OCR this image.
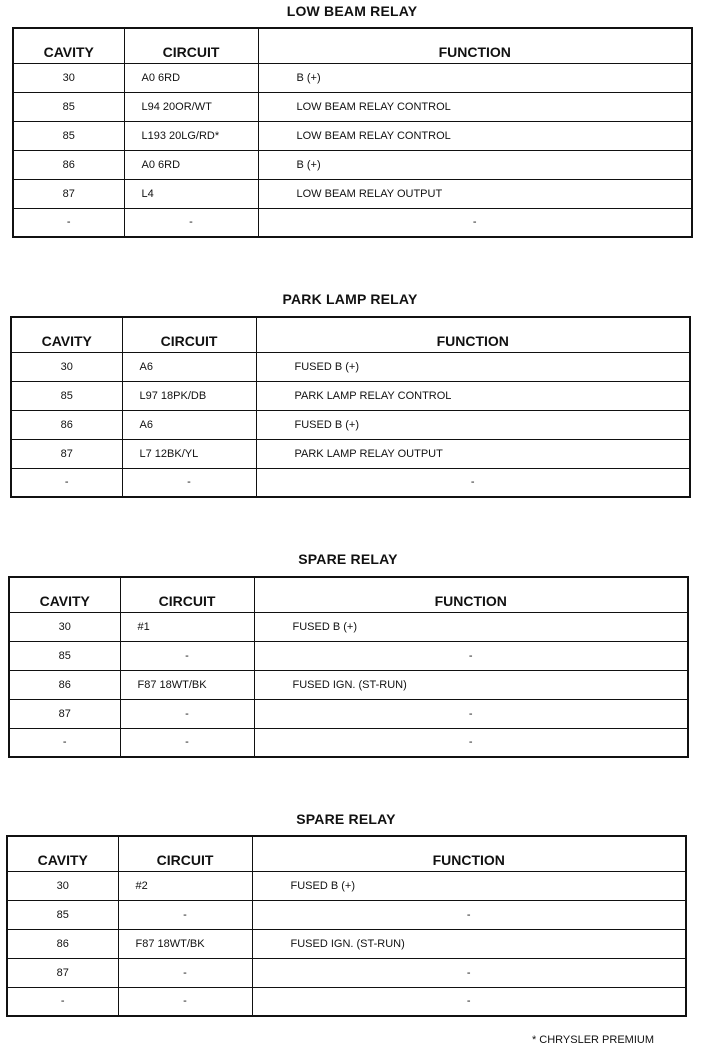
LOW BEAM RELAY
CAVITY	CIRCUIT	FUNCTION
30	A0 6RD	B (+)
85	L94 20OR/WT	LOW BEAM RELAY CONTROL
85	L193 20LG/RD*	LOW BEAM RELAY CONTROL
86	A0 6RD	B (+)
87	L4	LOW BEAM RELAY OUTPUT
-	-	-
PARK LAMP RELAY
CAVITY	CIRCUIT	FUNCTION
30	A6	FUSED B (+)
85	L97 18PK/DB	PARK LAMP RELAY CONTROL
86	A6	FUSED B (+)
87	L7 12BK/YL	PARK LAMP RELAY OUTPUT
-	-	-
SPARE RELAY
CAVITY	CIRCUIT	FUNCTION
30	#1	FUSED B (+)
85	-	-
86	F87 18WT/BK	FUSED IGN. (ST-RUN)
87	-	-
-	-	-
SPARE RELAY
CAVITY	CIRCUIT	FUNCTION
30	#2	FUSED B (+)
85	-	-
86	F87 18WT/BK	FUSED IGN. (ST-RUN)
87	-	-
-	-	-
* CHRYSLER PREMIUM
